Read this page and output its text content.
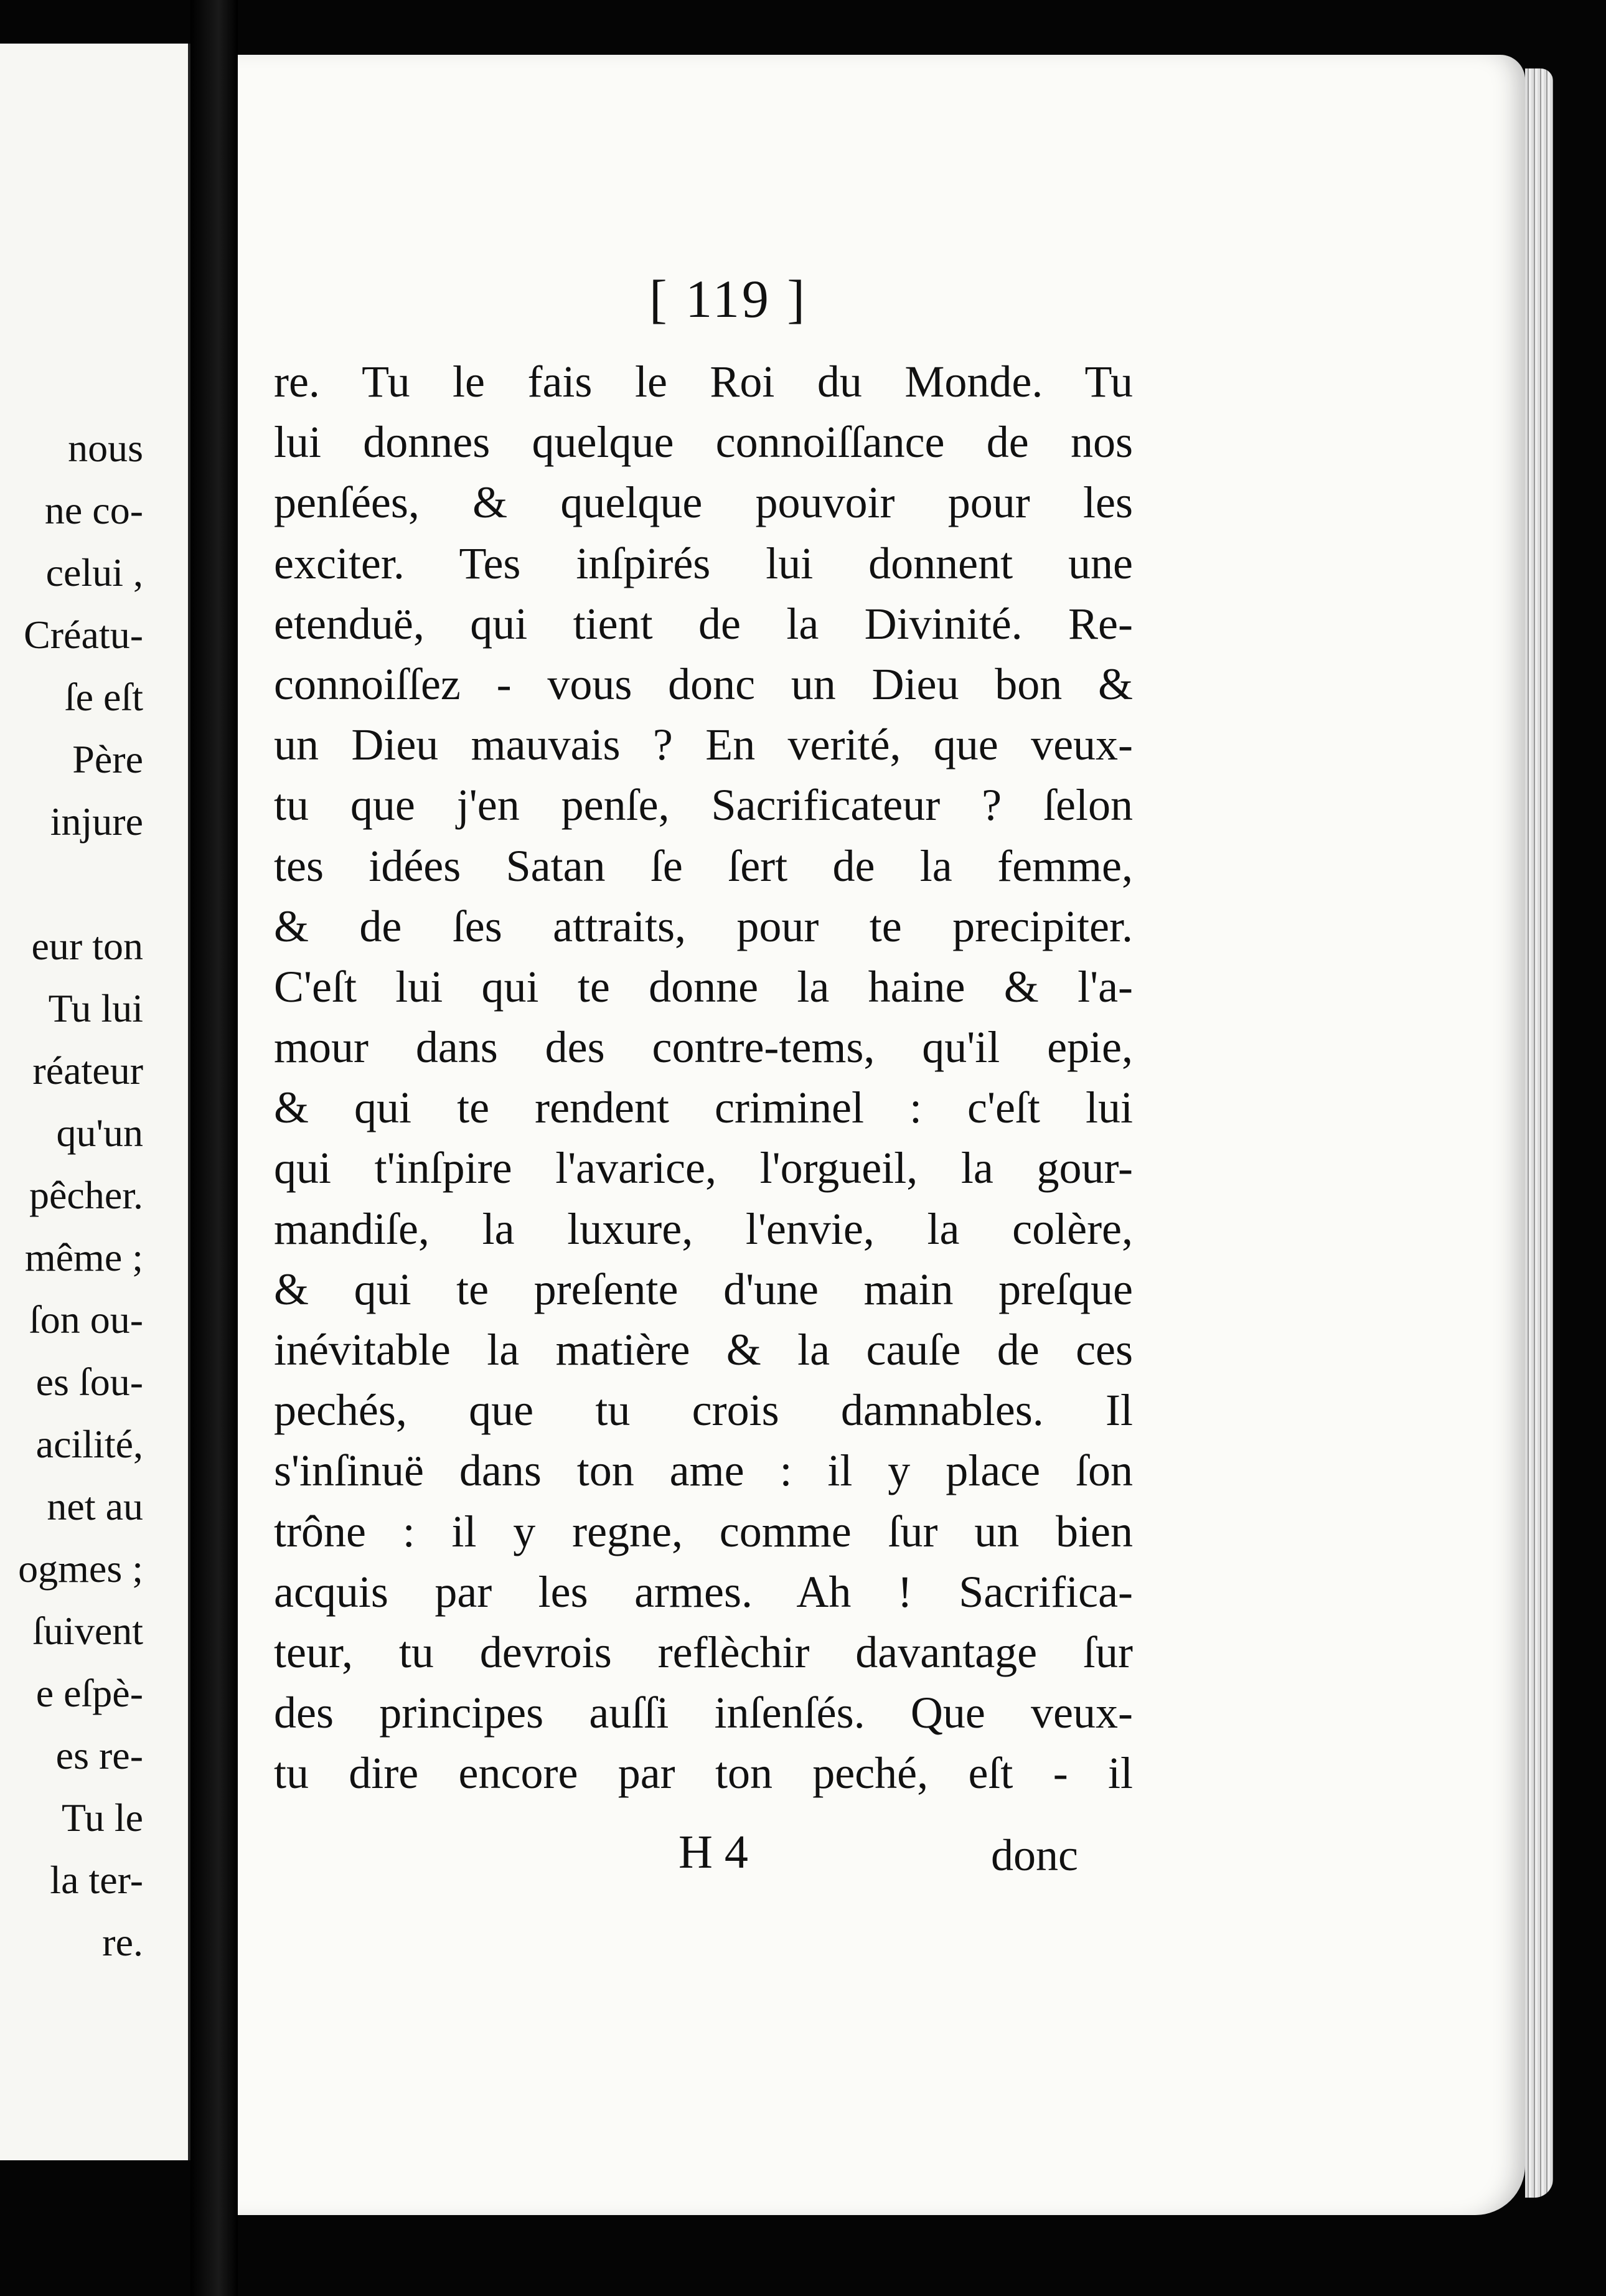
nous
ne co-
celui ,
Créatu-
ſe eſt
Père
injure
eur ton
Tu lui
réateur
qu'un
pêcher.
même ;
ſon ou-
es ſou-
acilité,
net au
ogmes ;
ſuivent
e eſpè-
es re-
Tu le
la ter-
re.
[ 119 ]
re. Tu le fais le Roi du Monde. Tu
lui donnes quelque connoiſſance de nos
penſées, & quelque pouvoir pour les
exciter. Tes inſpirés lui donnent une
etenduë, qui tient de la Divinité. Re-
connoiſſez - vous donc un Dieu bon &
un Dieu mauvais ? En verité, que veux-
tu que j'en penſe, Sacrificateur ? ſelon
tes idées Satan ſe ſert de la femme,
& de ſes attraits, pour te precipiter.
C'eſt lui qui te donne la haine & l'a-
mour dans des contre-tems, qu'il epie,
& qui te rendent criminel : c'eſt lui
qui t'inſpire l'avarice, l'orgueil, la gour-
mandiſe, la luxure, l'envie, la colère,
& qui te preſente d'une main preſque
inévitable la matière & la cauſe de ces
pechés, que tu crois damnables. Il
s'inſinuë dans ton ame : il y place ſon
trône : il y regne, comme ſur un bien
acquis par les armes. Ah ! Sacrifica-
teur, tu devrois reflèchir davantage ſur
des principes auſſi inſenſés. Que veux-
tu dire encore par ton peché, eſt - il
H 4	donc
